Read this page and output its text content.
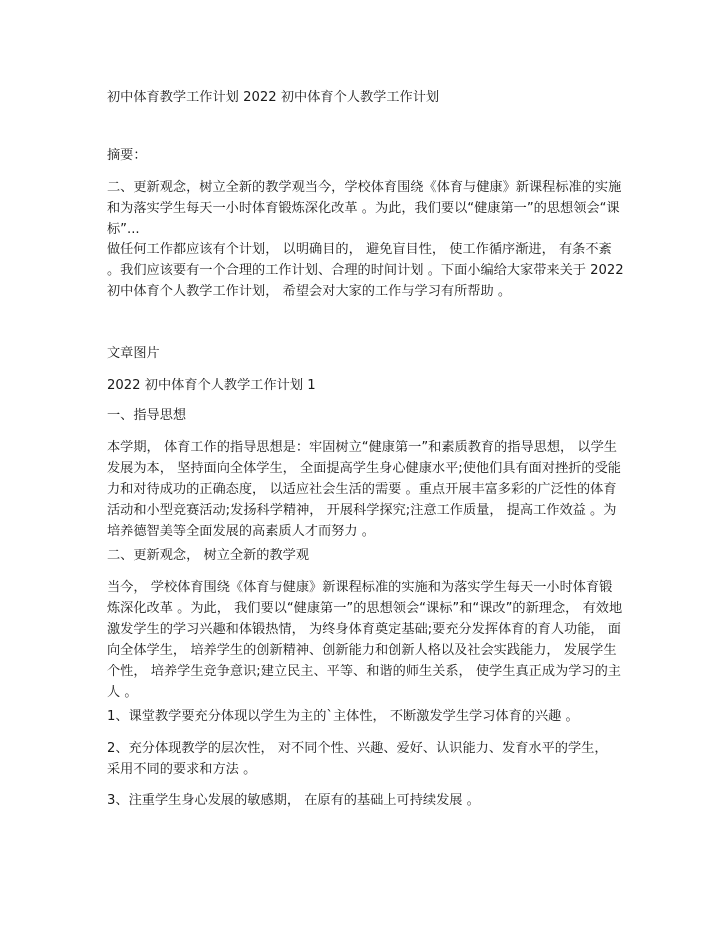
初中体育教学工作计划 2022 初中体育个人教学工作计划
摘要：
二、更新观念，树立全新的教学观当今，学校体育围绕《体育与健康》新课程标准的实施
和为落实学生每天一小时体育锻炼深化改革 。为此，我们要以“健康第一”的思想领会“课
标”...
做任何工作都应该有个计划， 以明确目的， 避免盲目性， 使工作循序渐进， 有条不紊
。我们应该要有一个合理的工作计划、合理的时间计划 。下面小编给大家带来关于 2022
初中体育个人教学工作计划， 希望会对大家的工作与学习有所帮助 。
文章图片
2022 初中体育个人教学工作计划 1
一、指导思想
本学期， 体育工作的指导思想是：牢固树立“健康第一”和素质教育的指导思想， 以学生
发展为本， 坚持面向全体学生， 全面提高学生身心健康水平;使他们具有面对挫折的受能
力和对待成功的正确态度， 以适应社会生活的需要 。重点开展丰富多彩的广泛性的体育
活动和小型竞赛活动;发扬科学精神， 开展科学探究;注意工作质量， 提高工作效益 。为
培养德智美等全面发展的高素质人才而努力 。
二、更新观念， 树立全新的教学观
当今， 学校体育围绕《体育与健康》新课程标准的实施和为落实学生每天一小时体育锻
炼深化改革 。为此， 我们要以“健康第一”的思想领会“课标”和“课改”的新理念， 有效地
激发学生的学习兴趣和体锻热情， 为终身体育奠定基础;要充分发挥体育的育人功能， 面
向全体学生， 培养学生的创新精神、创新能力和创新人格以及社会实践能力， 发展学生
个性， 培养学生竞争意识;建立民主、平等、和谐的师生关系， 使学生真正成为学习的主
人 。
1、课堂教学要充分体现以学生为主的`主体性， 不断激发学生学习体育的兴趣 。
2、充分体现教学的层次性， 对不同个性、兴趣、爱好、认识能力、发育水平的学生，
采用不同的要求和方法 。
3、注重学生身心发展的敏感期， 在原有的基础上可持续发展 。
